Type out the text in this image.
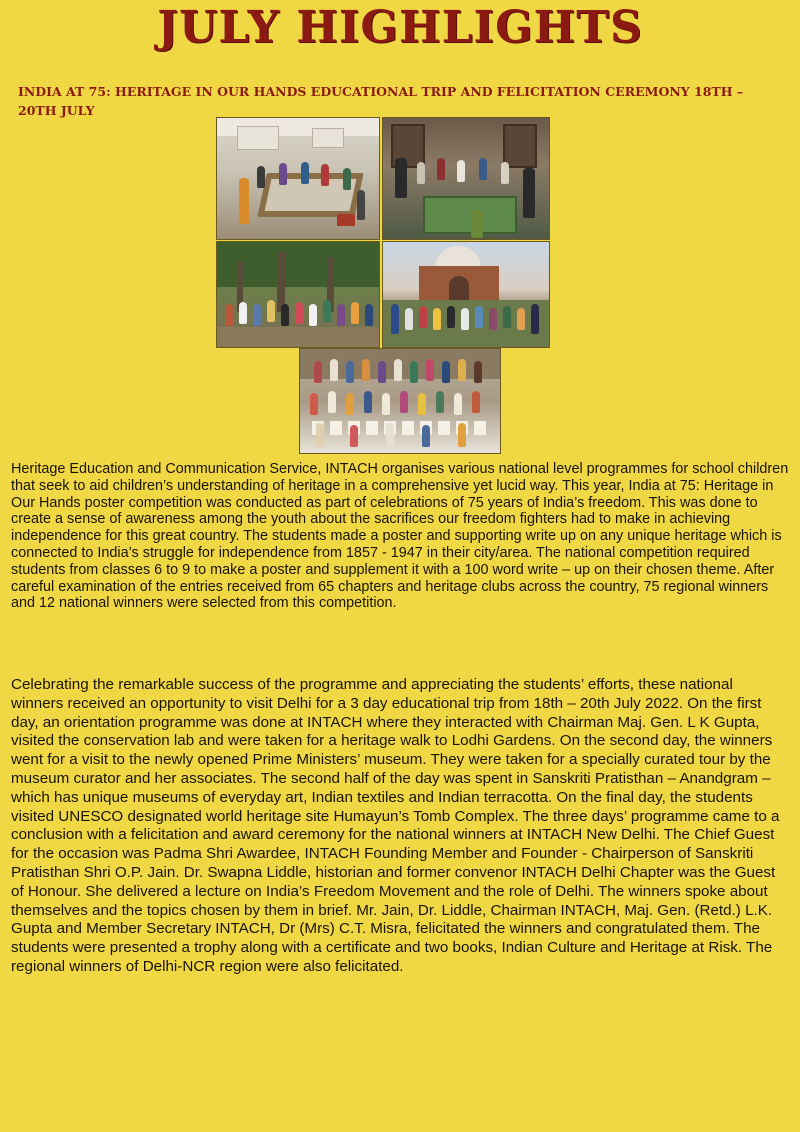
JULY HIGHLIGHTS
INDIA AT 75: HERITAGE IN OUR HANDS EDUCATIONAL TRIP AND FELICITATION CEREMONY 18TH – 20TH JULY

Heritage Education and Communication Service, INTACH organises various national level programmes for school children that seek to aid children’s understanding of heritage in a comprehensive yet lucid way. This year, India at 75: Heritage in Our Hands poster competition was conducted as part of celebrations of 75 years of India’s freedom. This was done to create a sense of awareness among the youth about the sacrifices our freedom fighters had to make in achieving independence for this great country. The students made a poster and supporting write up on any unique heritage which is connected to India’s struggle for independence from 1857 - 1947 in their city/area. The national competition required students from classes 6 to 9 to make a poster and supplement it with a 100 word write – up on their chosen theme. After careful examination of the entries received from 65 chapters and heritage clubs across the country, 75 regional winners and 12 national winners were selected from this competition.

Celebrating the remarkable success of the programme and appreciating the students’ efforts, these national winners received an opportunity to visit Delhi for a 3 day educational trip from 18th – 20th July 2022. On the first day, an orientation programme was done at INTACH where they interacted with Chairman Maj. Gen. L K Gupta, visited the conservation lab and were taken for a heritage walk to Lodhi Gardens. On the second day, the winners went for a visit to the newly opened Prime Ministers’ museum. They were taken for a specially curated tour by the museum curator and her associates. The second half of the day was spent in Sanskriti Pratisthan – Anandgram – which has unique museums of everyday art, Indian textiles and Indian terracotta. On the final day, the students visited UNESCO designated world heritage site Humayun’s Tomb Complex. The three days’ programme came to a conclusion with a felicitation and award ceremony for the national winners at INTACH New Delhi. The Chief Guest for the occasion was Padma Shri Awardee, INTACH Founding Member and Founder - Chairperson of Sanskriti Pratisthan Shri O.P. Jain. Dr. Swapna Liddle, historian and former convenor INTACH Delhi Chapter was the Guest of Honour. She delivered a lecture on India’s Freedom Movement and the role of Delhi. The winners spoke about themselves and the topics chosen by them in brief. Mr. Jain, Dr. Liddle, Chairman INTACH, Maj. Gen. (Retd.) L.K. Gupta and Member Secretary INTACH, Dr (Mrs) C.T. Misra, felicitated the winners and congratulated them. The students were presented a trophy along with a certificate and two books, Indian Culture and Heritage at Risk. The regional winners of Delhi-NCR region were also felicitated.
